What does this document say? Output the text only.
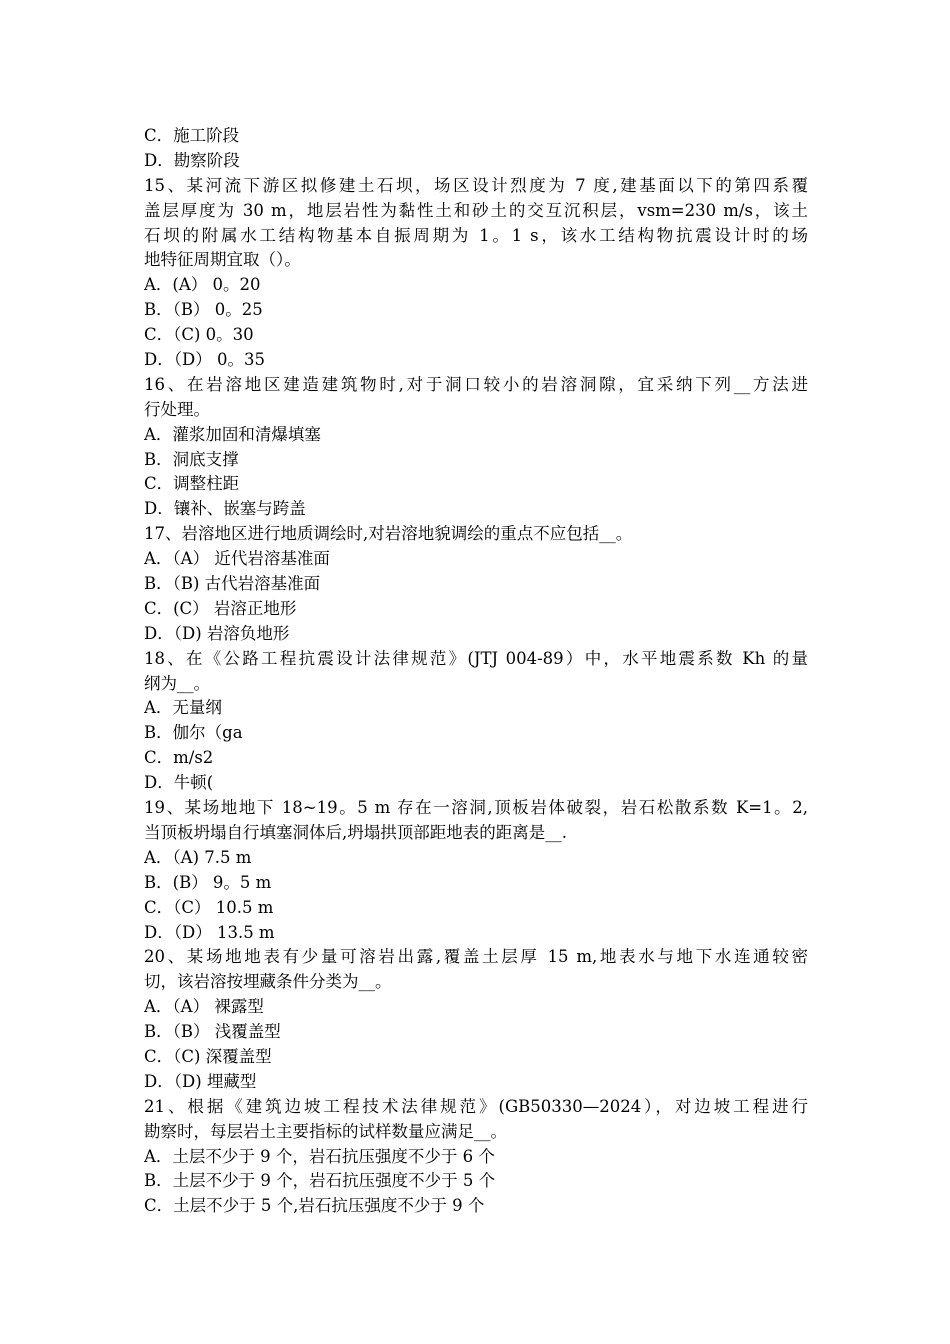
C．施工阶段
D．勘察阶段
15、某河流下游区拟修建土石坝，场区设计烈度为 7 度,建基面以下的第四系覆
盖层厚度为 30 m，地层岩性为黏性土和砂土的交互沉积层，vsm=230 m/s，该土
石坝的附属水工结构物基本自振周期为 1。1 s，该水工结构物抗震设计时的场
地特征周期宜取（）。
A．(A） 0。20
B．（B） 0。25
C．（C) 0。30
D．（D） 0。35
16、在岩溶地区建造建筑物时,对于洞口较小的岩溶洞隙，宜采纳下列__方法进
行处理。
A．灌浆加固和清爆填塞
B．洞底支撑
C．调整柱距
D．镶补、嵌塞与跨盖
17、岩溶地区进行地质调绘时,对岩溶地貌调绘的重点不应包括__。
A．（A） 近代岩溶基准面
B．（B) 古代岩溶基准面
C．(C） 岩溶正地形
D．（D) 岩溶负地形
18、在《公路工程抗震设计法律规范》(JTJ 004-89）中，水平地震系数 Kh 的量
纲为__。
A．无量纲
B．伽尔（ga
C．m/s2
D．牛顿(
19、某场地地下 18~19。5 m 存在一溶洞,顶板岩体破裂，岩石松散系数 K=1。2,
当顶板坍塌自行填塞洞体后,坍塌拱顶部距地表的距离是__.
A．（A) 7.5 m
B．(B） 9。5 m
C．（C） 10.5 m
D．（D） 13.5 m
20、某场地地表有少量可溶岩出露,覆盖土层厚 15 m,地表水与地下水连通较密
切，该岩溶按埋藏条件分类为__。
A．（A） 裸露型
B．（B） 浅覆盖型
C．（C) 深覆盖型
D．（D) 埋藏型
21、根据《建筑边坡工程技术法律规范》(GB50330—2024），对边坡工程进行
勘察时，每层岩土主要指标的试样数量应满足__。
A．土层不少于 9 个，岩石抗压强度不少于 6 个
B．土层不少于 9 个，岩石抗压强度不少于 5 个
C．土层不少于 5 个,岩石抗压强度不少于 9 个
